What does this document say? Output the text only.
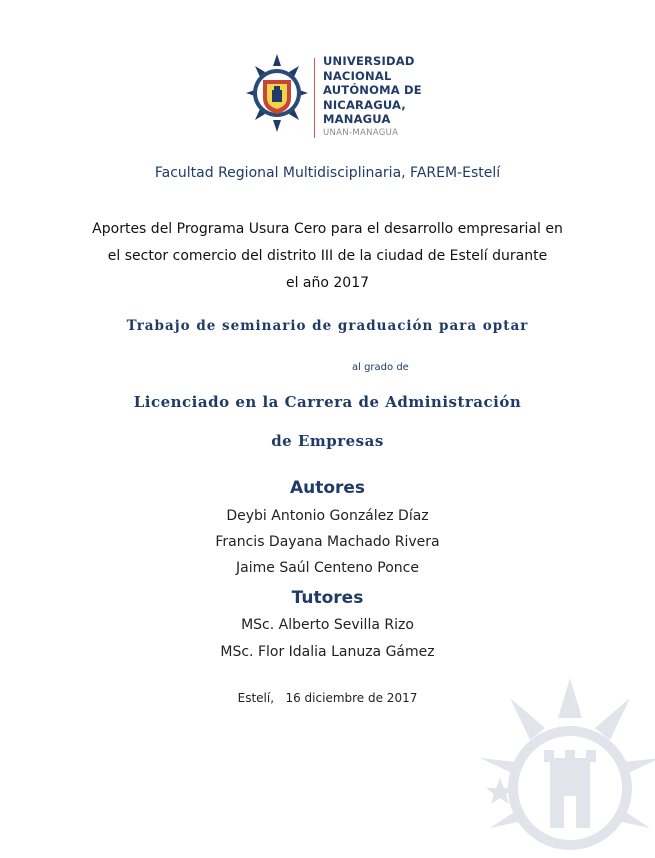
UNIVERSIDAD
NACIONAL
AUTÓNOMA DE
NICARAGUA,
MANAGUA
UNAN-MANAGUA
Facultad Regional Multidisciplinaria, FAREM-Estelí
Aportes del Programa Usura Cero para el desarrollo empresarial en
el sector comercio del distrito III de la ciudad de Estelí durante
el año 2017
Trabajo de seminario de graduación para optar
al grado de
Licenciado en la Carrera de Administración
de Empresas
Autores
Deybi Antonio González Díaz
Francis Dayana Machado Rivera
Jaime Saúl Centeno Ponce
Tutores
MSc. Alberto Sevilla Rizo
MSc. Flor Idalia Lanuza Gámez
Estelí,   16 diciembre de 2017
